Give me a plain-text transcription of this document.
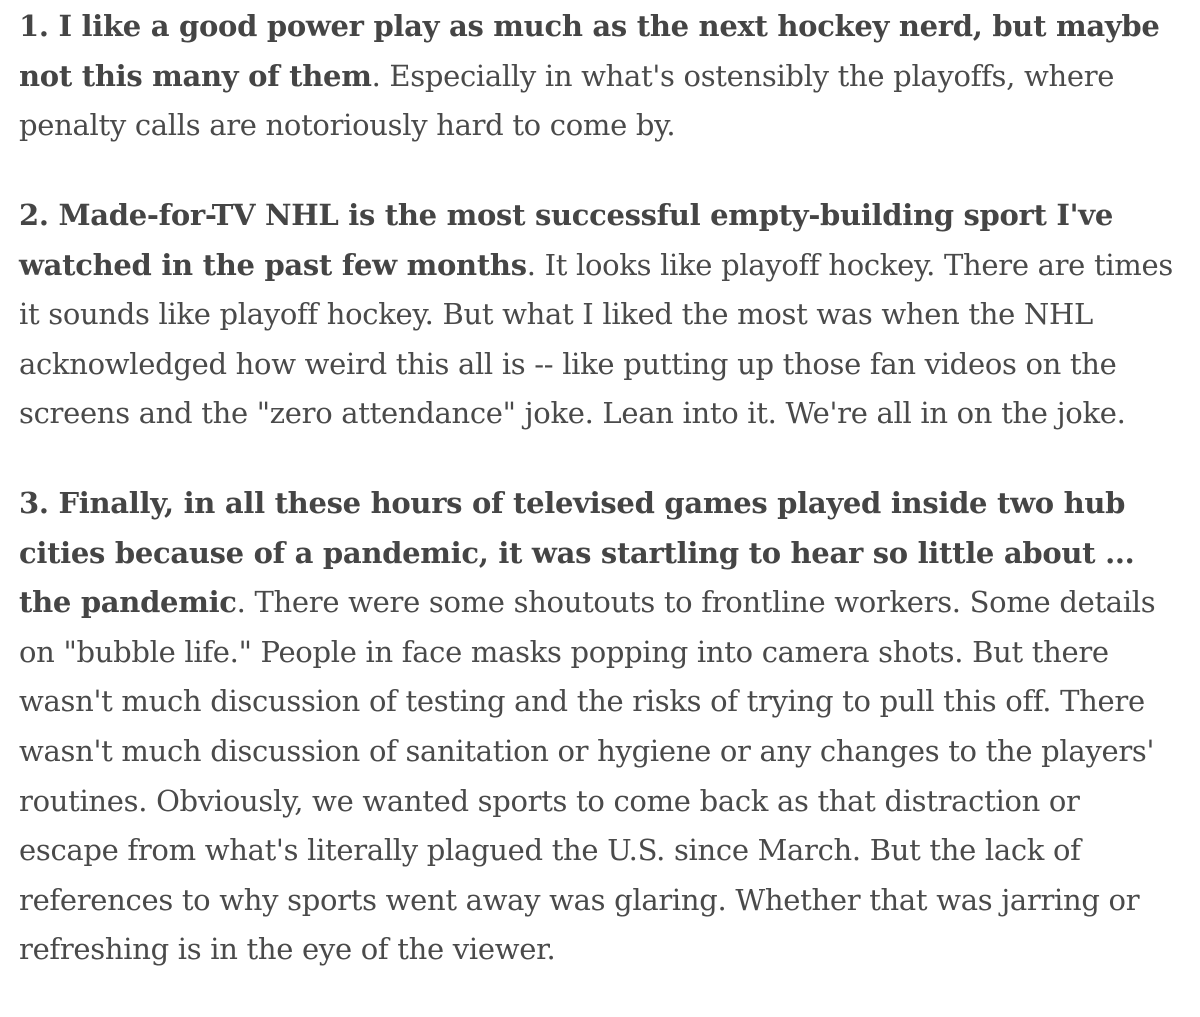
1. I like a good power play as much as the next hockey nerd, but maybe not this many of them. Especially in what's ostensibly the playoffs, where penalty calls are notoriously hard to come by.

2. Made-for-TV NHL is the most successful empty-building sport I've watched in the past few months. It looks like playoff hockey. There are times it sounds like playoff hockey. But what I liked the most was when the NHL acknowledged how weird this all is -- like putting up those fan videos on the screens and the "zero attendance" joke. Lean into it. We're all in on the joke.

3. Finally, in all these hours of televised games played inside two hub cities because of a pandemic, it was startling to hear so little about ... the pandemic. There were some shoutouts to frontline workers. Some details on "bubble life." People in face masks popping into camera shots. But there wasn't much discussion of testing and the risks of trying to pull this off. There wasn't much discussion of sanitation or hygiene or any changes to the players' routines. Obviously, we wanted sports to come back as that distraction or escape from what's literally plagued the U.S. since March. But the lack of references to why sports went away was glaring. Whether that was jarring or refreshing is in the eye of the viewer.
